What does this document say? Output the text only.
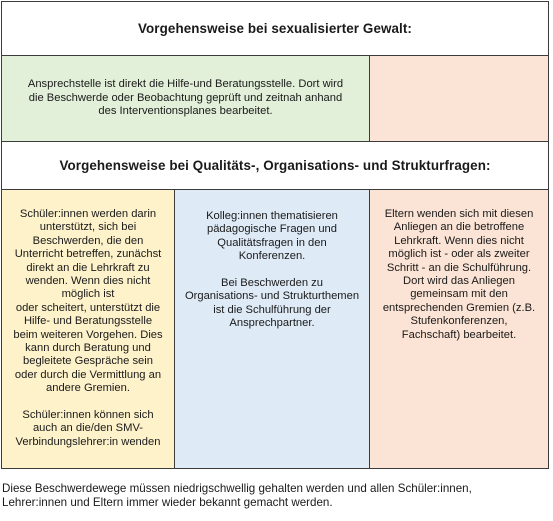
Vorgehensweise bei sexualisierter Gewalt:
Ansprechstelle ist direkt die Hilfe-und Beratungsstelle. Dort wird
die Beschwerde oder Beobachtung geprüft und zeitnah anhand
des Interventionsplanes bearbeitet.
Vorgehensweise bei Qualitäts-, Organisations- und Strukturfragen:
Schüler:innen werden darin
unterstützt, sich bei
Beschwerden, die den
Unterricht betreffen, zunächst
direkt an die Lehrkraft zu
wenden. Wenn dies nicht
möglich ist
oder scheitert, unterstützt die
Hilfe- und Beratungsstelle
beim weiteren Vorgehen. Dies
kann durch Beratung und
begleitete Gespräche sein
oder durch die Vermittlung an
andere Gremien.
Schüler:innen können sich
auch an die/den SMV-
Verbindungslehrer:in wenden
Kolleg:innen thematisieren
pädagogische Fragen und
Qualitätsfragen in den
Konferenzen.
Bei Beschwerden zu
Organisations- und Strukturthemen
ist die Schulführung der
Ansprechpartner.
Eltern wenden sich mit diesen
Anliegen an die betroffene
Lehrkraft. Wenn dies nicht
möglich ist - oder als zweiter
Schritt - an die Schulführung.
Dort wird das Anliegen
gemeinsam mit den
entsprechenden Gremien (z.B.
Stufenkonferenzen,
Fachschaft) bearbeitet.

Diese Beschwerdewege müssen niedrigschwellig gehalten werden und allen Schüler:innen,

Lehrer:innen und Eltern immer wieder bekannt gemacht werden.
